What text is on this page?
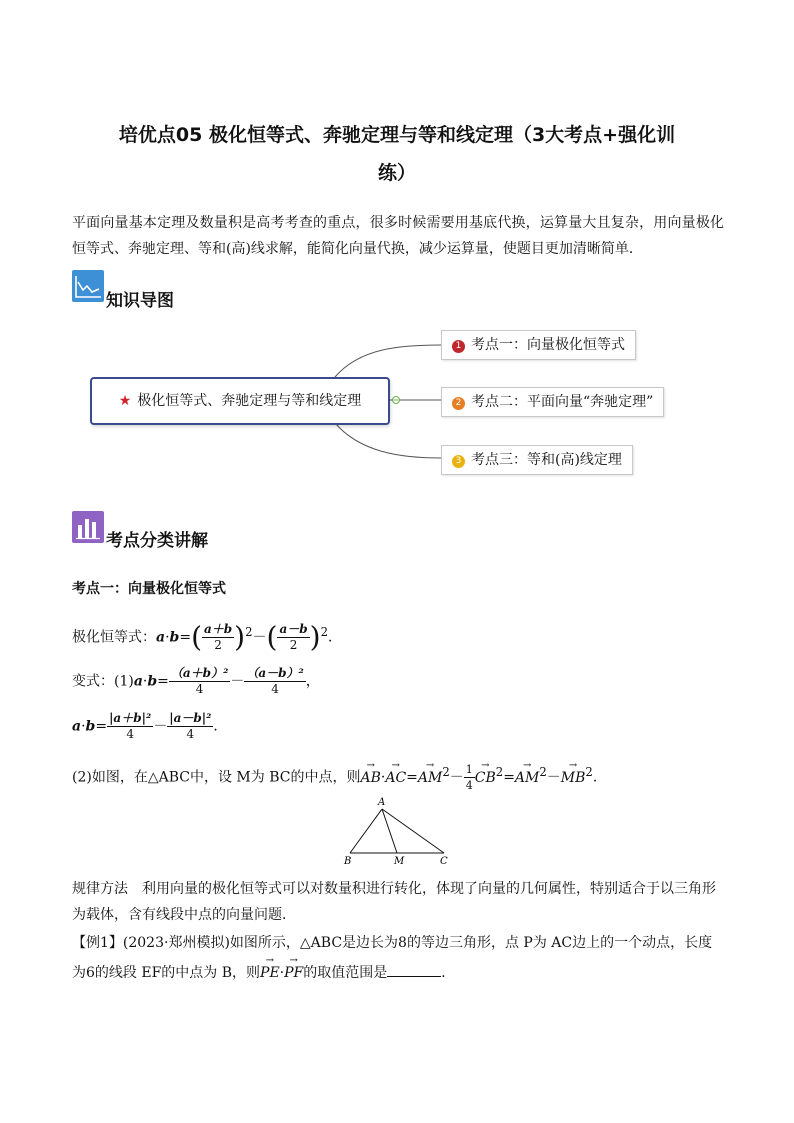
培优点05 极化恒等式、奔驰定理与等和线定理（3大考点+强化训
练）
平面向量基本定理及数量积是高考考查的重点，很多时候需要用基底代换，运算量大且复杂，用向量极化恒等式、奔驰定理、等和(高)线求解，能简化向量代换，减少运算量，使题目更加清晰简单．
知识导图
★ 极化恒等式、奔驰定理与等和线定理
1 考点一：向量极化恒等式
2 考点二：平面向量“奔驰定理”
3 考点三：等和(高)线定理
考点分类讲解
考点一：向量极化恒等式
极化恒等式：$a\cdot b=( \frac{a+b}{2} )^2-( \frac{a-b}{2} )^2$．
变式：$(1)a\cdot b= \frac{\text{（a＋b）²}}{4} - \frac{\text{（a－b）²}}{4}$ ，
$a\cdot b= \frac{\text{|a＋b|²}}{4} - \frac{\text{|a－b|²}}{4}$ ．
(2)如图，在△ABC中，设 M为 BC的中点，则→ $AB\cdot\to AC=\to AM^2- \frac{1}{4}$
→ $CB^2=\to AM^2-\to MB^2$．
A
B	M	C
规律方法　利用向量的极化恒等式可以对数量积进行转化，体现了向量的几何属性，特别适合于以三角形
为载体，含有线段中点的向量问题．
【例1】(2023·郑州模拟)如图所示，△ABC是边长为8的等边三角形，点 P为 AC边上的一个动点，长度
为6的线段 EF的中点为 B，则→ PE·→ PF的取值范围是	．
